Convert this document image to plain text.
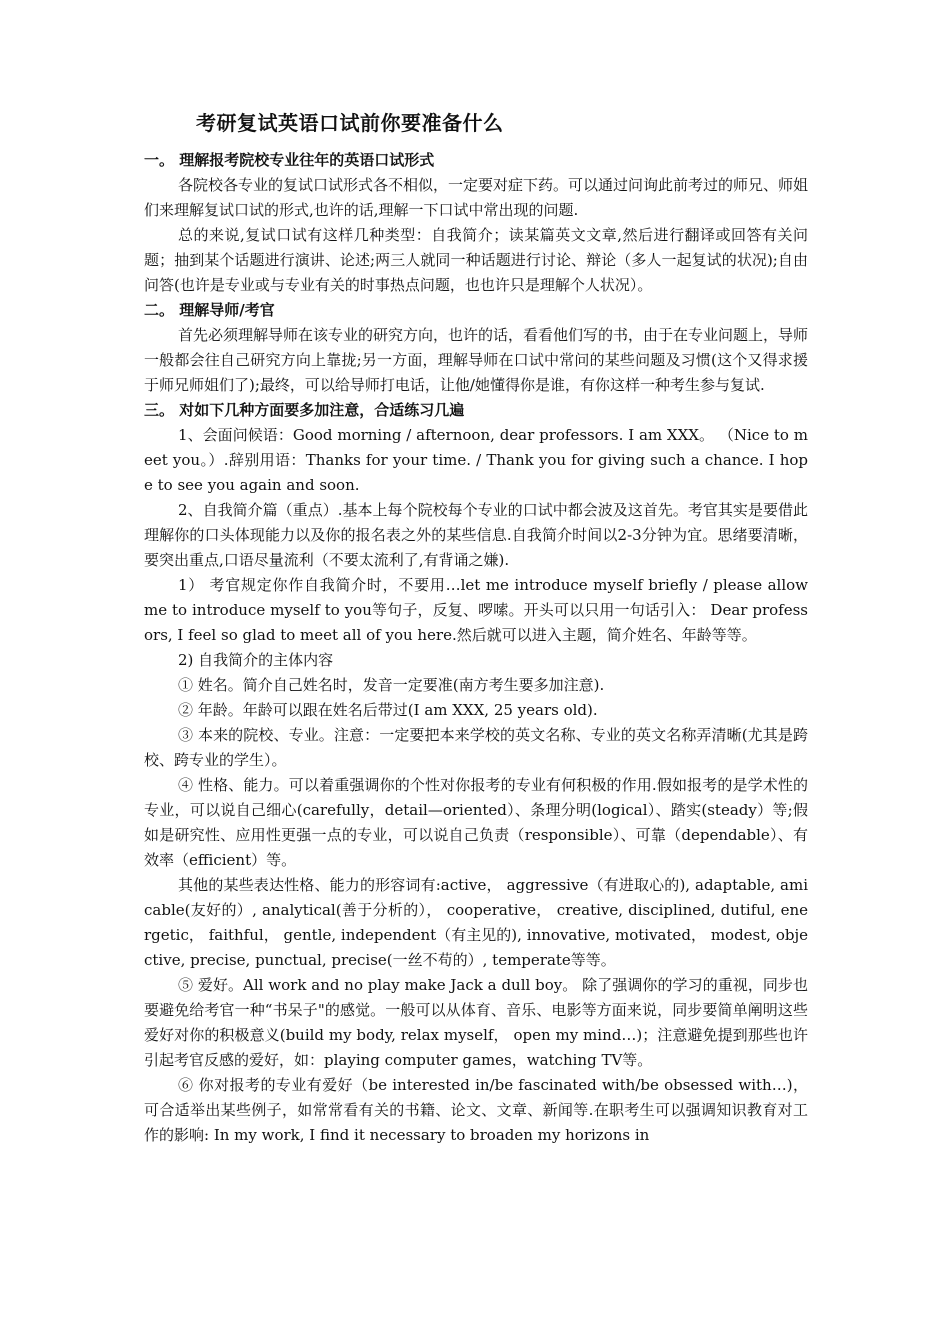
考研复试英语口试前你要准备什么

一。 理解报考院校专业往年的英语口试形式

各院校各专业的复试口试形式各不相似，一定要对症下药。可以通过问询此前考过的师兄、师姐们来理解复试口试的形式,也许的话,理解一下口试中常出现的问题.

总的来说,复试口试有这样几种类型：自我简介；读某篇英文文章,然后进行翻译或回答有关问题；抽到某个话题进行演讲、论述;两三人就同一种话题进行讨论、辩论（多人一起复试的状况);自由问答(也许是专业或与专业有关的时事热点问题，也也许只是理解个人状况）。

二。 理解导师/考官

首先必须理解导师在该专业的研究方向，也许的话，看看他们写的书，由于在专业问题上，导师一般都会往自己研究方向上靠拢;另一方面，理解导师在口试中常问的某些问题及习惯(这个又得求援于师兄师姐们了);最终，可以给导师打电话，让他/她懂得你是谁，有你这样一种考生参与复试.

三。 对如下几种方面要多加注意，合适练习几遍

1、会面问候语：Good morning / afternoon, dear professors. I am XXX。 （Nice to meet you。）.辞别用语：Thanks for your time. / Thank you for giving such a chance. I hope to see you again and soon.

2、自我简介篇（重点）.基本上每个院校每个专业的口试中都会波及这首先。考官其实是要借此理解你的口头体现能力以及你的报名表之外的某些信息.自我简介时间以2-3分钟为宜。思绪要清晰，要突出重点,口语尽量流利（不要太流利了,有背诵之嫌).

1） 考官规定你作自我简介时，不要用…let me introduce myself briefly / please allow me to introduce myself to you等句子，反复、啰嗦。开头可以只用一句话引入： Dear professors, I feel so glad to meet all of you here.然后就可以进入主题，简介姓名、年龄等等。

2) 自我简介的主体内容

① 姓名。简介自己姓名时，发音一定要准(南方考生要多加注意).

② 年龄。年龄可以跟在姓名后带过(I am XXX, 25 years old).

③ 本来的院校、专业。注意：一定要把本来学校的英文名称、专业的英文名称弄清晰(尤其是跨校、跨专业的学生）。

④ 性格、能力。可以着重强调你的个性对你报考的专业有何积极的作用.假如报考的是学术性的专业，可以说自己细心(carefully，detail—oriented）、条理分明(logical）、踏实(steady）等;假如是研究性、应用性更强一点的专业，可以说自己负责（responsible）、可靠（dependable）、有效率（efficient）等。

其他的某些表达性格、能力的形容词有:active， aggressive（有进取心的), adaptable, amicable(友好的）, analytical(善于分析的）， cooperative， creative, disciplined, dutiful, energetic， faithful， gentle, independent（有主见的), innovative, motivated， modest, objective, precise, punctual, precise(一丝不苟的）, temperate等等。

⑤ 爱好。All work and no play make Jack a dull boy。 除了强调你的学习的重视，同步也要避免给考官一种“书呆子"的感觉。一般可以从体育、音乐、电影等方面来说，同步要简单阐明这些爱好对你的积极意义(build my body, relax myself， open my mind…)；注意避免提到那些也许引起考官反感的爱好，如：playing computer games，watching TV等。

⑥ 你对报考的专业有爱好（be interested in/be fascinated with/be obsessed with…)，可合适举出某些例子，如常常看有关的书籍、论文、文章、新闻等.在职考生可以强调知识教育对工作的影响: In my work, I find it necessary to broaden my horizons in
